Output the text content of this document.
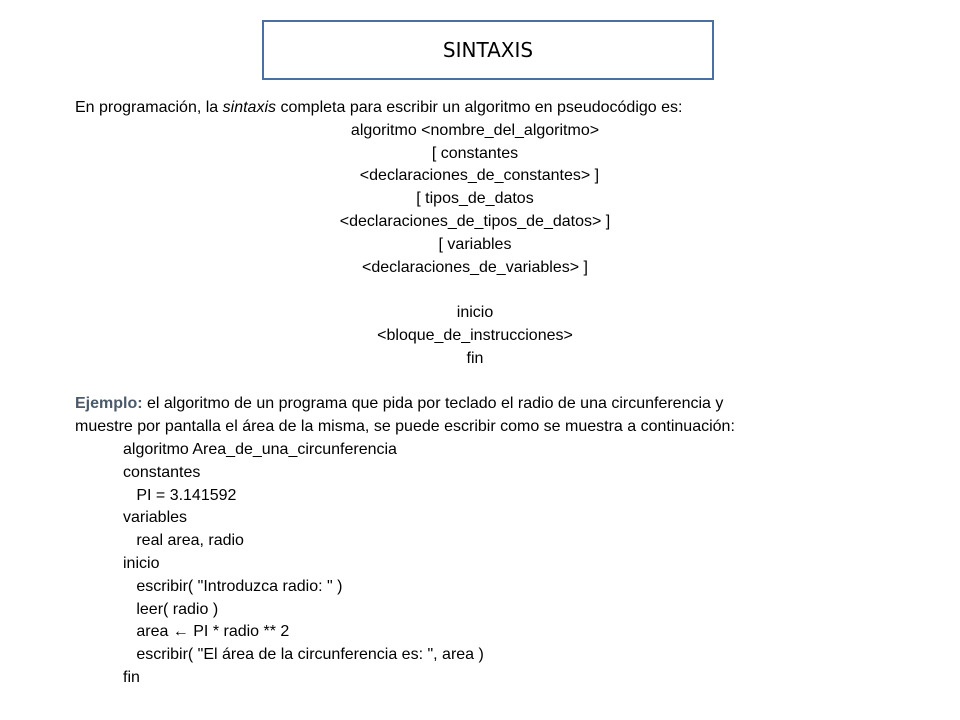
SINTAXIS
En programación, la sintaxis completa para escribir un algoritmo en pseudocódigo es:
algoritmo <nombre_del_algoritmo>
[ constantes
<declaraciones_de_constantes> ]
[ tipos_de_datos
<declaraciones_de_tipos_de_datos> ]
[ variables
<declaraciones_de_variables> ]
inicio
<bloque_de_instrucciones>
fin
Ejemplo: el algoritmo de un programa que pida por teclado el radio de una circunferencia y
muestre por pantalla el área de la misma, se puede escribir como se muestra a continuación:
algoritmo Area_de_una_circunferencia
constantes
PI = 3.141592
variables
real area, radio
inicio
escribir( "Introduzca radio: " )
leer( radio )
area ← PI * radio ** 2
escribir( "El área de la circunferencia es: ", area )
fin
